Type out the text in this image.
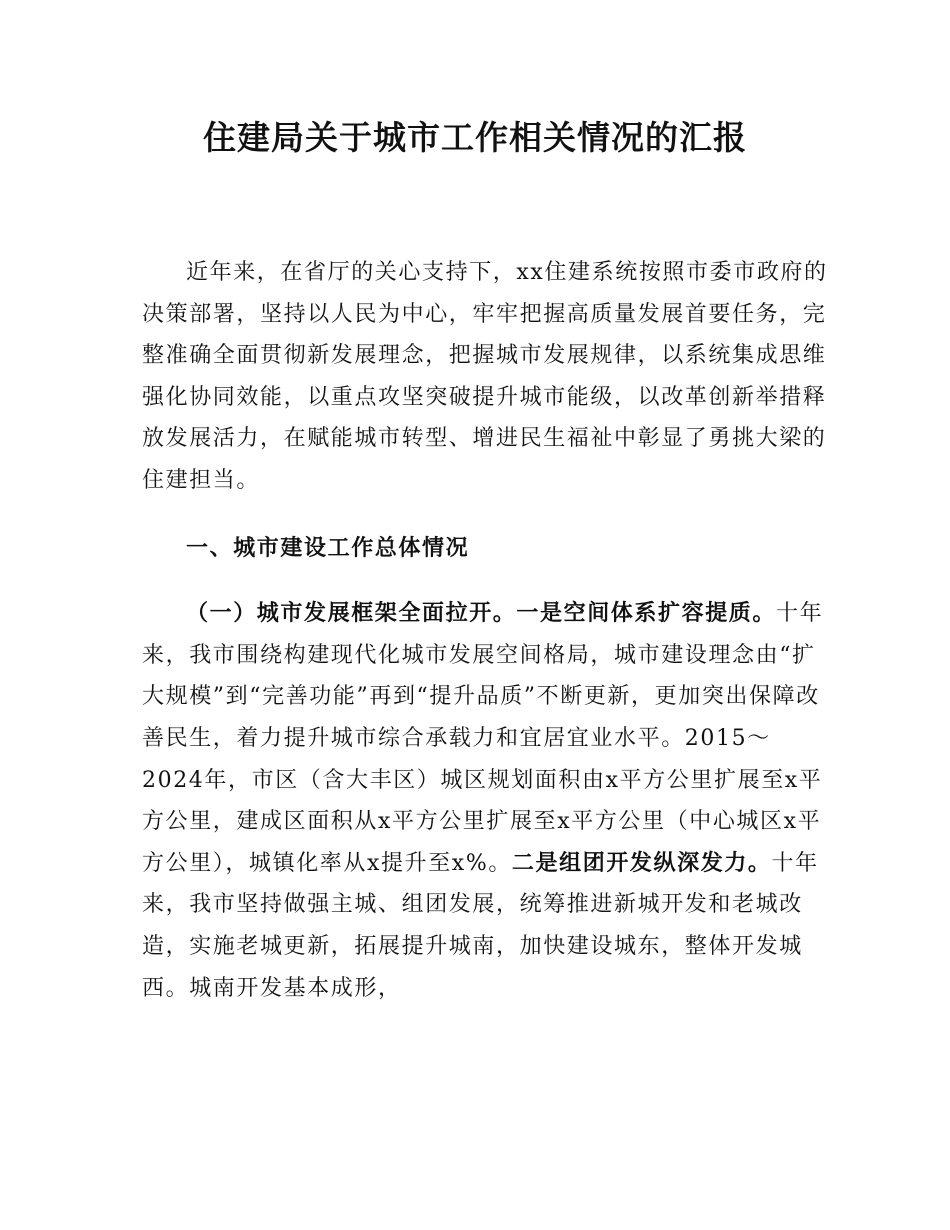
住建局关于城市工作相关情况的汇报

近年来，在省厅的关心支持下，xx住建系统按照市委市政府的决策部署，坚持以人民为中心，牢牢把握高质量发展首要任务，完整准确全面贯彻新发展理念，把握城市发展规律，以系统集成思维强化协同效能，以重点攻坚突破提升城市能级，以改革创新举措释放发展活力，在赋能城市转型、增进民生福祉中彰显了勇挑大梁的住建担当。

一、城市建设工作总体情况

（一）城市发展框架全面拉开。一是空间体系扩容提质。十年来，我市围绕构建现代化城市发展空间格局，城市建设理念由“扩大规模”到“完善功能”再到“提升品质”不断更新，更加突出保障改善民生，着力提升城市综合承载力和宜居宜业水平。2015～2024年，市区（含大丰区）城区规划面积由x平方公里扩展至x平方公里，建成区面积从x平方公里扩展至x平方公里（中心城区x平方公里），城镇化率从x提升至x%。二是组团开发纵深发力。十年来，我市坚持做强主城、组团发展，统筹推进新城开发和老城改造，实施老城更新，拓展提升城南，加快建设城东，整体开发城西。城南开发基本成形，
